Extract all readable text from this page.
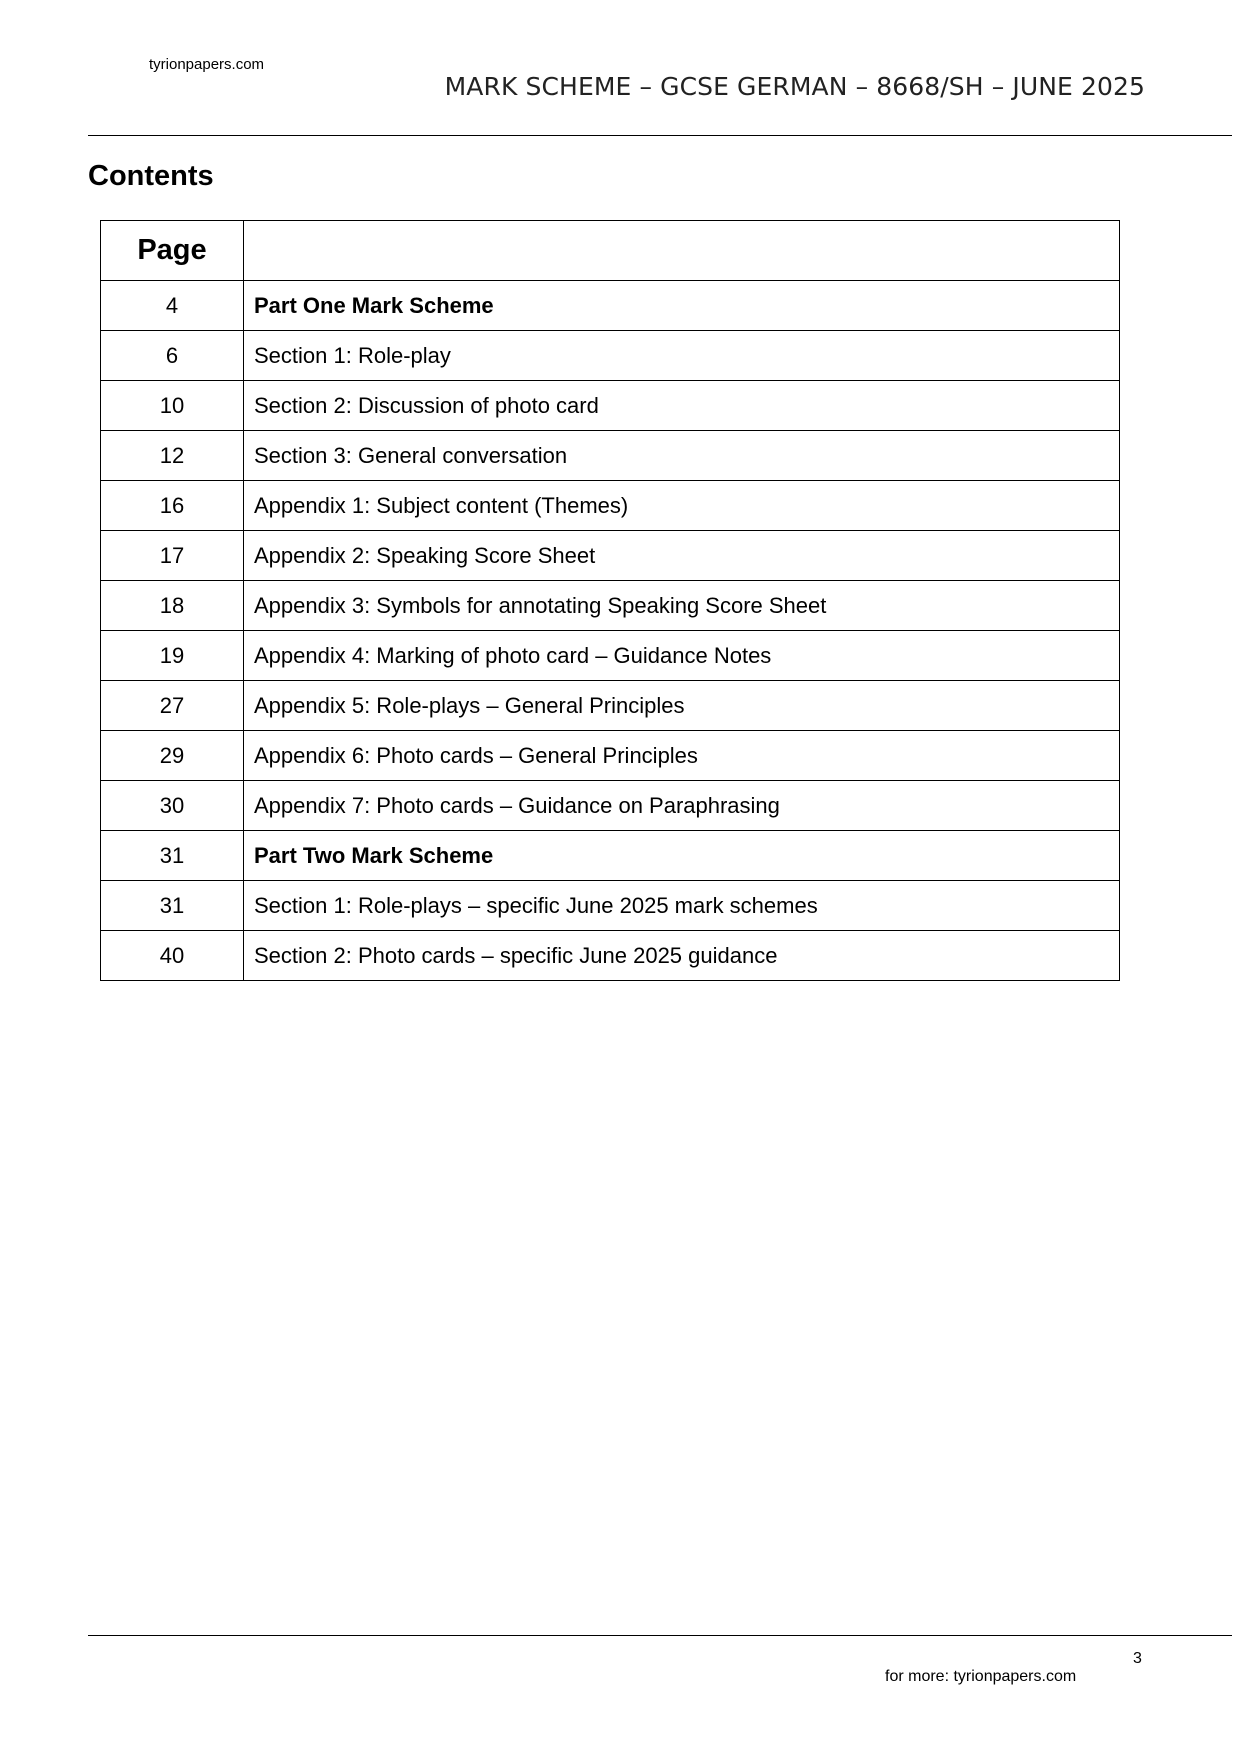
tyrionpapers.com
MARK SCHEME – GCSE GERMAN – 8668/SH – JUNE 2025
Contents
Page	
4	Part One Mark Scheme
6	Section 1: Role-play
10	Section 2: Discussion of photo card
12	Section 3: General conversation
16	Appendix 1: Subject content (Themes)
17	Appendix 2: Speaking Score Sheet
18	Appendix 3: Symbols for annotating Speaking Score Sheet
19	Appendix 4: Marking of photo card – Guidance Notes
27	Appendix 5: Role-plays – General Principles
29	Appendix 6: Photo cards – General Principles
30	Appendix 7: Photo cards – Guidance on Paraphrasing
31	Part Two Mark Scheme
31	Section 1: Role-plays – specific June 2025 mark schemes
40	Section 2: Photo cards – specific June 2025 guidance
3
for more: tyrionpapers.com
